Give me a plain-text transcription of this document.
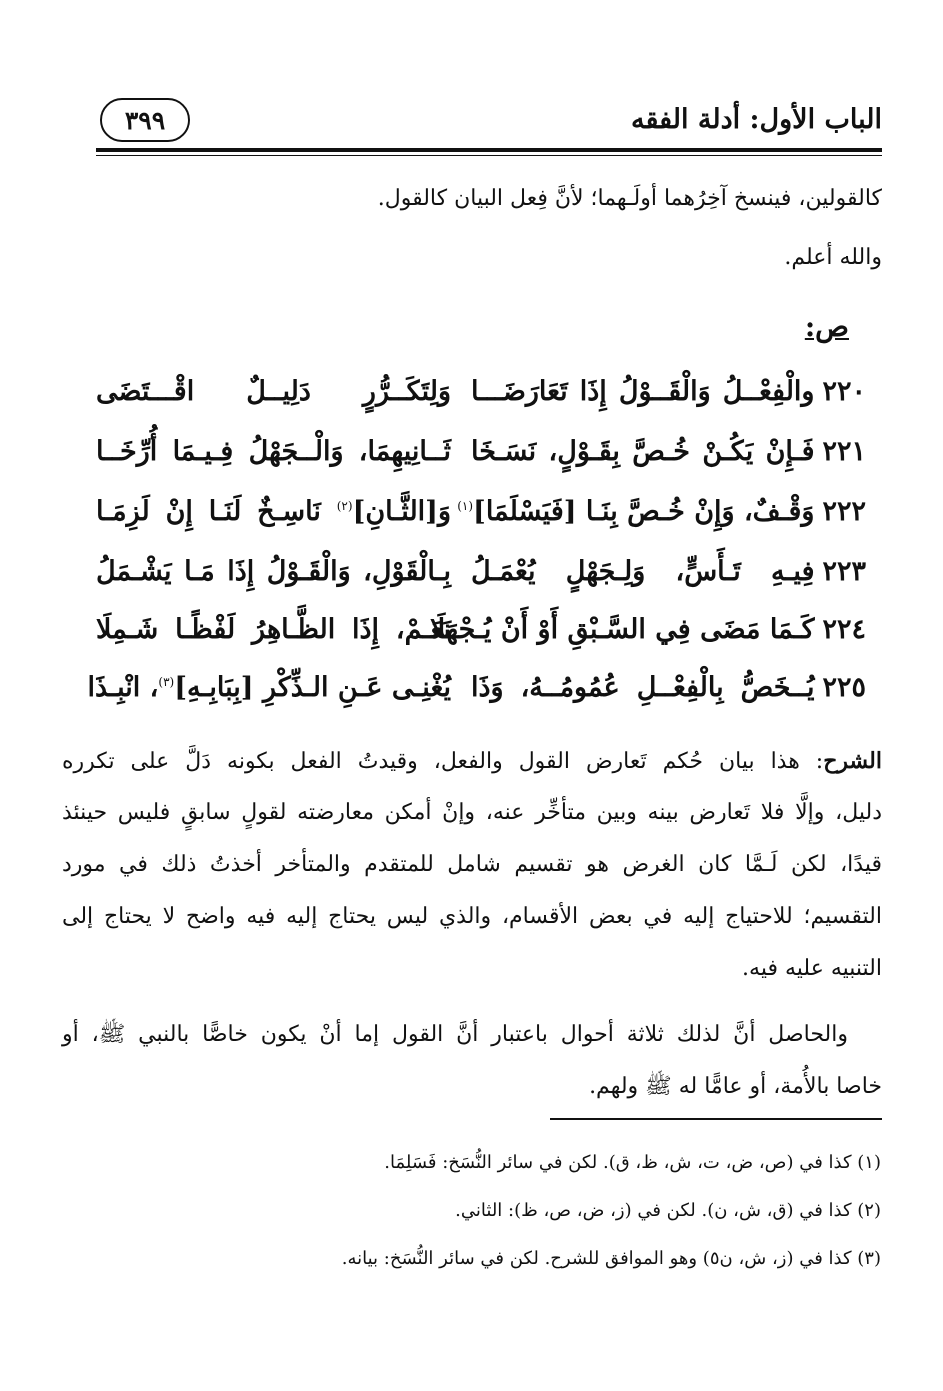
الباب الأول: أدلة الفقه
٣٩٩
كالقولين، فينسخ آخِرُهما أولَـهما؛ لأنَّ فِعل البيان كالقول.
والله أعلم.
ص:
٢٢٠والْفِعْــلُ وَالْقَــوْلُ إِذَا تَعَارَضَـــا
وَلِتَكَــرُّرٍ دَلِيــلٌ اقْـــتَضَى
٢٢١فَـإِنْ يَكُـنْ خُـصَّ بِقَـوْلٍ، نَسَـخَا
ثَــانِيهِمَا، وَالْــجَهْلُ فِـيـمَا أُرِّخَــا
٢٢٢وَقْـفٌ، وَإِنْ خُـصَّ بِنَـا [فَيَسْلَمَا]$^{(١)}$
وَ[الثَّـانِ]$^{(٢)}$ نَاسِـخٌ لَنَـا إِنْ لَزِمَـا
٢٢٣فِيـهِ تَـأَسٍّ، وَلِـجَهْلٍ يُعْمَـلُ
بِـالْقَوْلِ، وَالْقَـوْلُ إِذَا مَـا يَشْـمَلُ
٢٢٤كَـمَا مَضَى فِي السَّـبْقِ أَوْ أَنْ يُـجْهَلَا
نَعَـمْ، إِذَا الظَّـاهِرُ لَفْظًـا شَـمِلَا
٢٢٥يُــخَصُّ بِالْفِعْــلِ عُمُومُــهُ، وَذَا
يُغْنِـى عَـنِ الـذِّكْرِ [بِبَابِـهِ]$^{(٣)}$، انْبِـذَا
الشرح: هذا بيان حُكم تَعارض القول والفعل، وقيدتُ الفعل بكونه دَلَّ على تكرره
دليل، وإلَّا فلا تَعارض بينه وبين متأخِّر عنه، وإنْ أمكن معارضته لقولٍ سابقٍ فليس حينئذ
قيدًا، لكن لَـمَّا كان الغرض هو تقسيم شامل للمتقدم والمتأخر أخذتُ ذلك في مورد
التقسيم؛ للاحتياج إليه في بعض الأقسام، والذي ليس يحتاج إليه فيه واضح لا يحتاج إلى
التنبيه عليه فيه.
والحاصل أنَّ لذلك ثلاثة أحوال باعتبار أنَّ القول إما أنْ يكون خاصًّا بالنبي ﷺ، أو
خاصا بالأُمة، أو عامًّا له ﷺ ولهم.
(١) كذا في (ص، ض، ت، ش، ظ، ق). لكن في سائر النُّسَخ: فَسَلِمَا.
(٢) كذا في (ق، ش، ن). لكن في (ز، ض، ص، ظ): الثاني.
(٣) كذا في (ز، ش، ن٥) وهو الموافق للشرح. لكن في سائر النُّسَخ: بيانه.
